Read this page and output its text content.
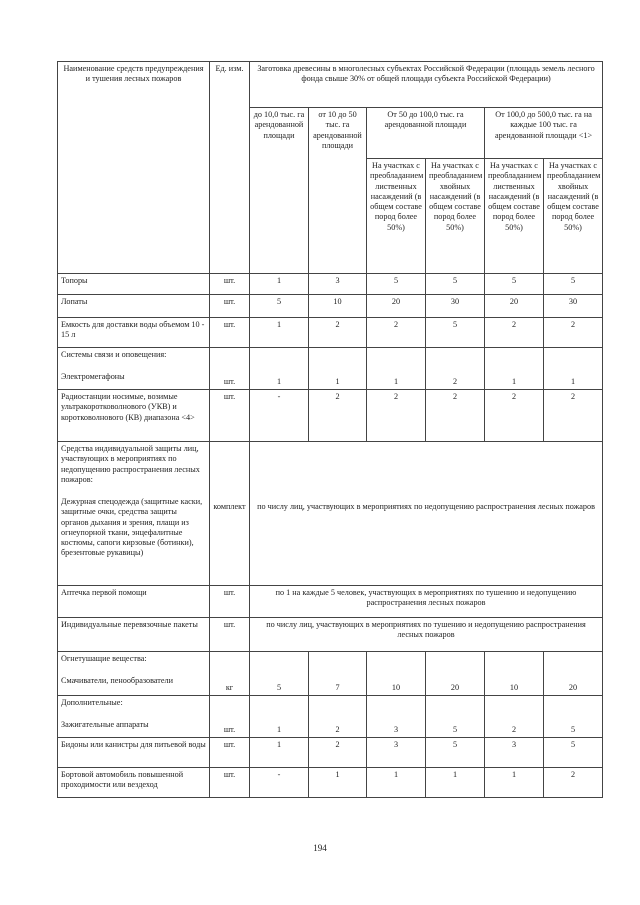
Наименование средств предупреждения и тушения лесных пожаров	Ед. изм.	Заготовка древесины в многолесных субъектах Российской Федерации (площадь земель лесного фонда свыше 30% от общей площади субъекта Российской Федерации)					
		до 10,0 тыс. га арендованной площади	от 10 до 50 тыс. га арендованной площади	От 50 до 100,0 тыс. га арендованной площади		От 100,0 до 500,0 тыс. га на каждые 100 тыс. га арендованной площади <1>	
				На участках с преобладанием лиственных насаждений (в общем составе пород более 50%)	На участках с преобладанием хвойных насаждений (в общем составе пород более 50%)	На участках с преобладанием лиственных насаждений (в общем составе пород более 50%)	На участках с преобладанием хвойных насаждений (в общем составе пород более 50%)
Топоры	шт.	1	3	5	5	5	5
Лопаты	шт.	5	10	20	30	20	30
Емкость для доставки воды объемом 10 - 15 л	шт.	1	2	2	5	2	2
Системы связи и оповещения:
Электромегафоны	шт.	1	1	1	2	1	1
Радиостанции носимые, возимые ультракоротковолнового (УКВ) и коротковолнового (КВ) диапазона <4>	шт.	-	2	2	2	2	2
Средства индивидуальной защиты лиц, участвующих в мероприятиях по недопущению распространения лесных пожаров:
Дежурная спецодежда (защитные каски, защитные очки, средства защиты органов дыхания и зрения, плащи из огнеупорной ткани, энцефалитные костюмы, сапоги кирзовые (ботинки), брезентовые рукавицы)	комплект	по числу лиц, участвующих в мероприятиях по недопущению распространения лесных пожаров					
Аптечка первой помощи	шт.	по 1 на каждые 5 человек, участвующих в мероприятиях по тушению и недопущению распространения лесных пожаров					
Индивидуальные перевязочные пакеты	шт.	по числу лиц, участвующих в мероприятиях по тушению и недопущению распространения лесных пожаров					
Огнетушащие вещества:
Смачиватели, пенообразователи	кг	5	7	10	20	10	20
Дополнительные:
Зажигательные аппараты	шт.	1	2	3	5	2	5
Бидоны или канистры для питьевой воды	шт.	1	2	3	5	3	5
Бортовой автомобиль повышенной проходимости или вездеход	шт.	-	1	1	1	1	2
194
